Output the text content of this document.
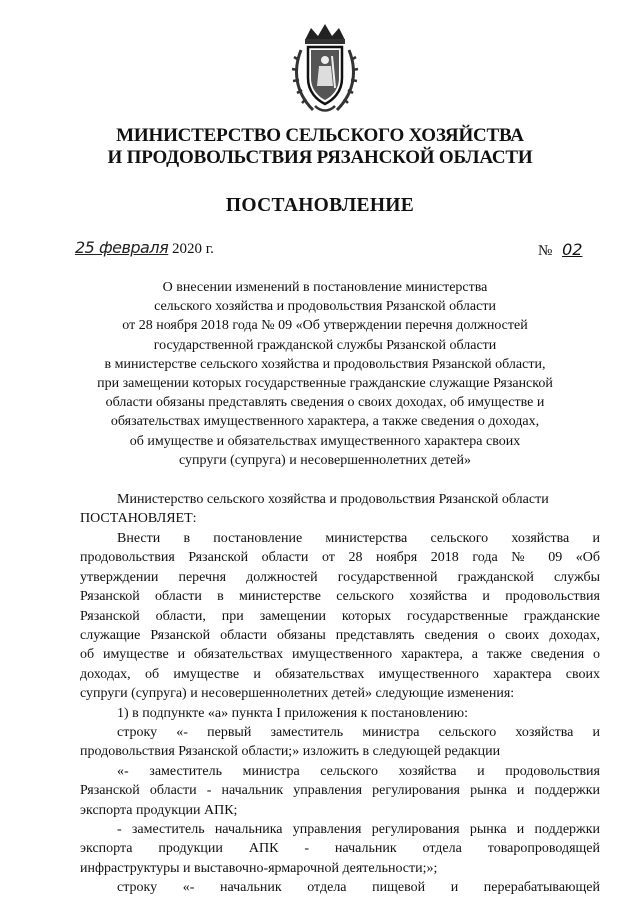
МИНИСТЕРСТВО СЕЛЬСКОГО ХОЗЯЙСТВА
И ПРОДОВОЛЬСТВИЯ РЯЗАНСКОЙ ОБЛАСТИ
ПОСТАНОВЛЕНИЕ
25 февраля 2020 г.	№ 02
О внесении изменений в постановление министерства
сельского хозяйства и продовольствия Рязанской области
от 28 ноября 2018 года № 09 «Об утверждении перечня должностей
государственной гражданской службы Рязанской области
в министерстве сельского хозяйства и продовольствия Рязанской области,
при замещении которых государственные гражданские служащие Рязанской
области обязаны представлять сведения о своих доходах, об имуществе и
обязательствах имущественного характера, а также сведения о доходах,
об имуществе и обязательствах имущественного характера своих
супруги (супруга) и несовершеннолетних детей»
Министерство сельского хозяйства и продовольствия Рязанской области
ПОСТАНОВЛЯЕТ:
Внести в постановление министерства сельского хозяйства и
продовольствия Рязанской области от 28 ноября 2018 года № 09 «Об
утверждении перечня должностей государственной гражданской службы
Рязанской области в министерстве сельского хозяйства и продовольствия
Рязанской области, при замещении которых государственные гражданские
служащие Рязанской области обязаны представлять сведения о своих доходах,
об имуществе и обязательствах имущественного характера, а также сведения о
доходах, об имуществе и обязательствах имущественного характера своих
супруги (супруга) и несовершеннолетних детей» следующие изменения:
1) в подпункте «а» пункта I приложения к постановлению:
строку «- первый заместитель министра сельского хозяйства и
продовольствия Рязанской области;» изложить в следующей редакции
«- заместитель министра сельского хозяйства и продовольствия
Рязанской области - начальник управления регулирования рынка и поддержки
экспорта продукции АПК;
- заместитель начальника управления регулирования рынка и поддержки
экспорта продукции АПК - начальник отдела товаропроводящей
инфраструктуры и выставочно-ярмарочной деятельности;»;
строку «- начальник отдела пищевой и перерабатывающей
